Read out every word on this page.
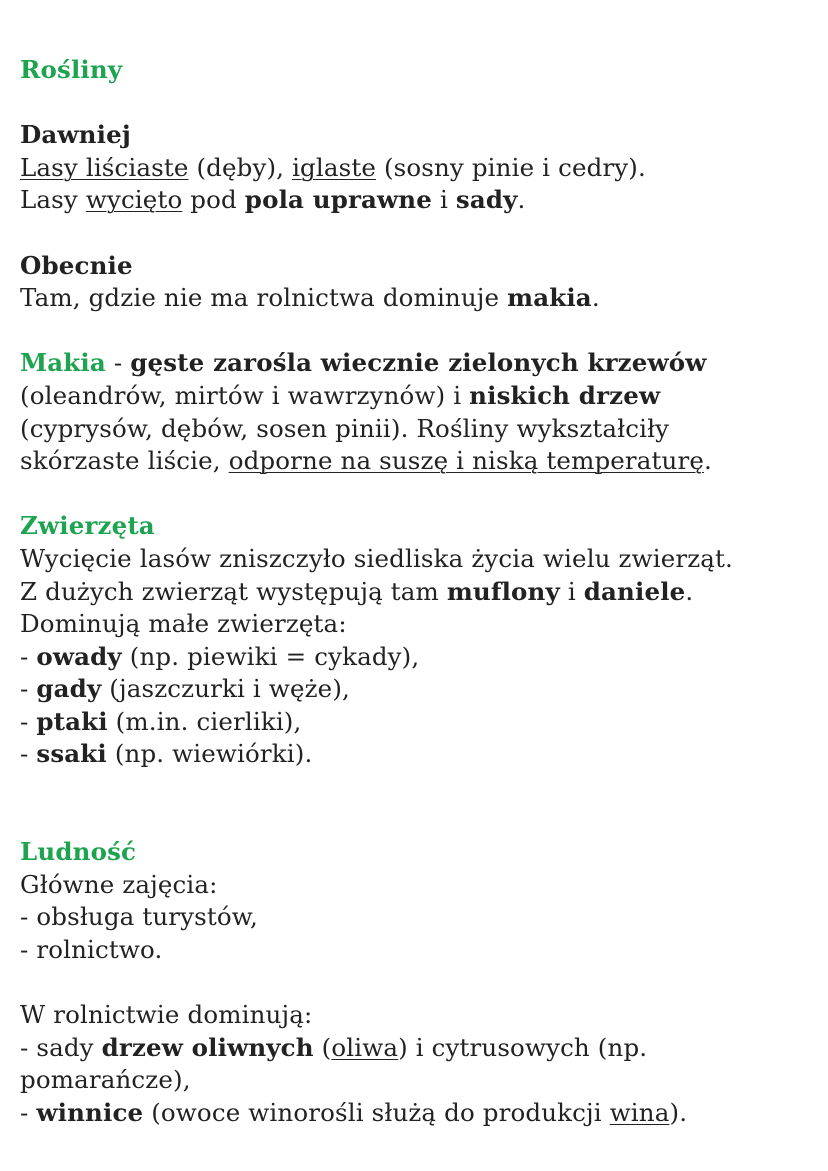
Rośliny
Dawniej
Lasy liściaste (dęby), iglaste (sosny pinie i cedry).
Lasy wycięto pod pola uprawne i sady.
Obecnie
Tam, gdzie nie ma rolnictwa dominuje makia.
Makia - gęste zarośla wiecznie zielonych krzewów
(oleandrów, mirtów i wawrzynów) i niskich drzew
(cyprysów, dębów, sosen pinii). Rośliny wykształciły
skórzaste liście, odporne na suszę i niską temperaturę.
Zwierzęta
Wycięcie lasów zniszczyło siedliska życia wielu zwierząt.
Z dużych zwierząt występują tam muflony i daniele.
Dominują małe zwierzęta:
- owady (np. piewiki = cykady),
- gady (jaszczurki i węże),
- ptaki (m.in. cierliki),
- ssaki (np. wiewiórki).
Ludność
Główne zajęcia:
- obsługa turystów,
- rolnictwo.
W rolnictwie dominują:
- sady drzew oliwnych (oliwa) i cytrusowych (np.
pomarańcze),
- winnice (owoce winorośli służą do produkcji wina).
